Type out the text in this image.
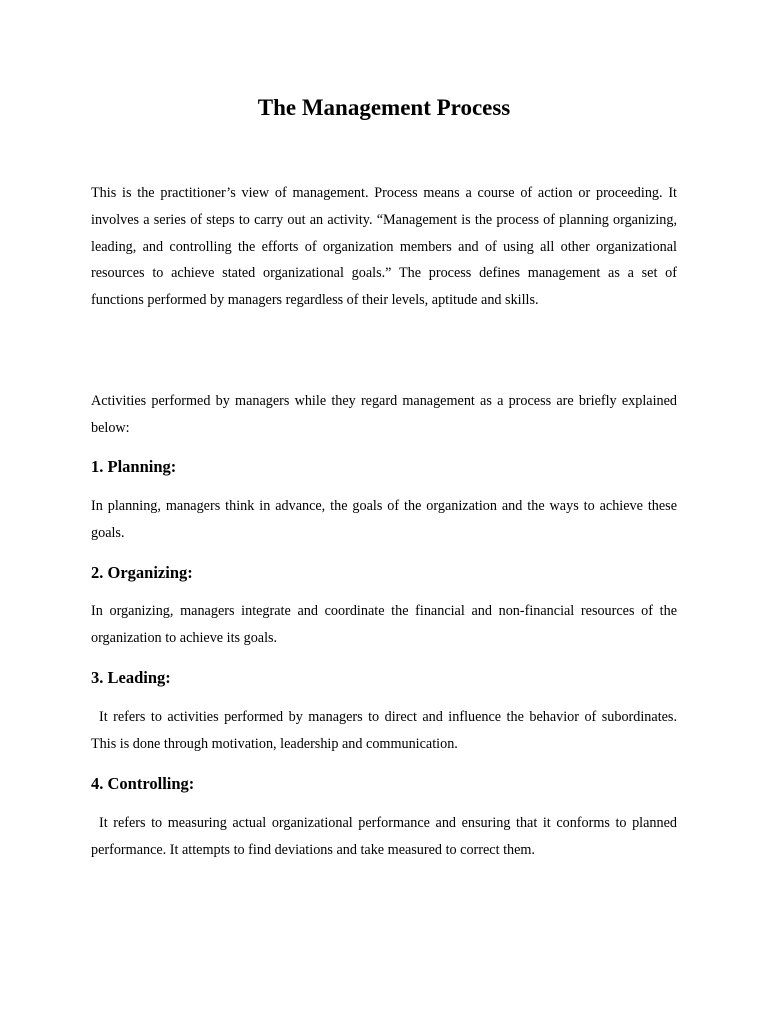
The Management Process

This is the practitioner’s view of management. Process means a course of action or proceeding. It involves a series of steps to carry out an activity. “Management is the process of planning organizing, leading, and controlling the efforts of organization members and of using all other organizational resources to achieve stated organizational goals.” The process defines management as a set of functions performed by managers regardless of their levels, aptitude and skills.

Activities performed by managers while they regard management as a process are briefly explained below:

1. Planning:

In planning, managers think in advance, the goals of the organization and the ways to achieve these goals.

2. Organizing:

In organizing, managers integrate and coordinate the financial and non-financial resources of the organization to achieve its goals.

3. Leading:

It refers to activities performed by managers to direct and influence the behavior of subordinates. This is done through motivation, leadership and communication.

4. Controlling:

It refers to measuring actual organizational performance and ensuring that it conforms to planned performance. It attempts to find deviations and take measured to correct them.
